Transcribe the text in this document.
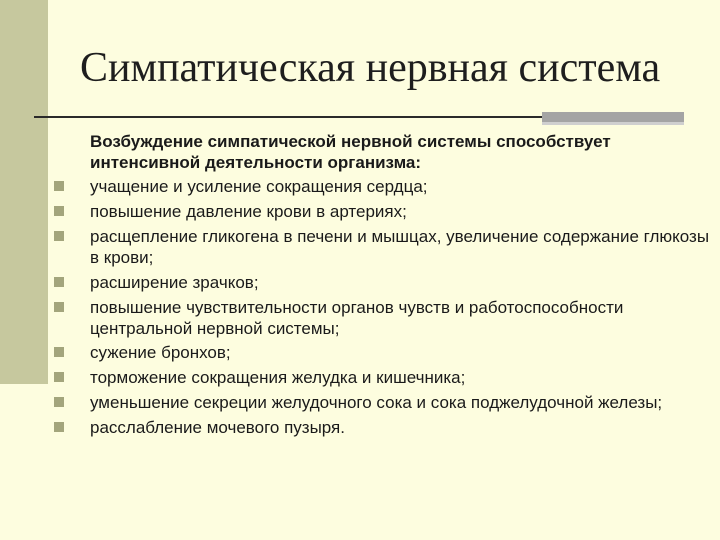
Симпатическая нервная система

Возбуждение симпатической нервной системы способствует интенсивной деятельности организма:

учащение и усиление сокращения сердца;
повышение давление крови в артериях;
расщепление гликогена в печени и мышцах, увеличение содержание глюкозы в крови;
расширение зрачков;
повышение чувствительности органов чувств и работоспособности центральной нервной системы;
сужение бронхов;
торможение сокращения желудка и кишечника;
уменьшение секреции желудочного сока и сока поджелудочной железы;
расслабление мочевого пузыря.
